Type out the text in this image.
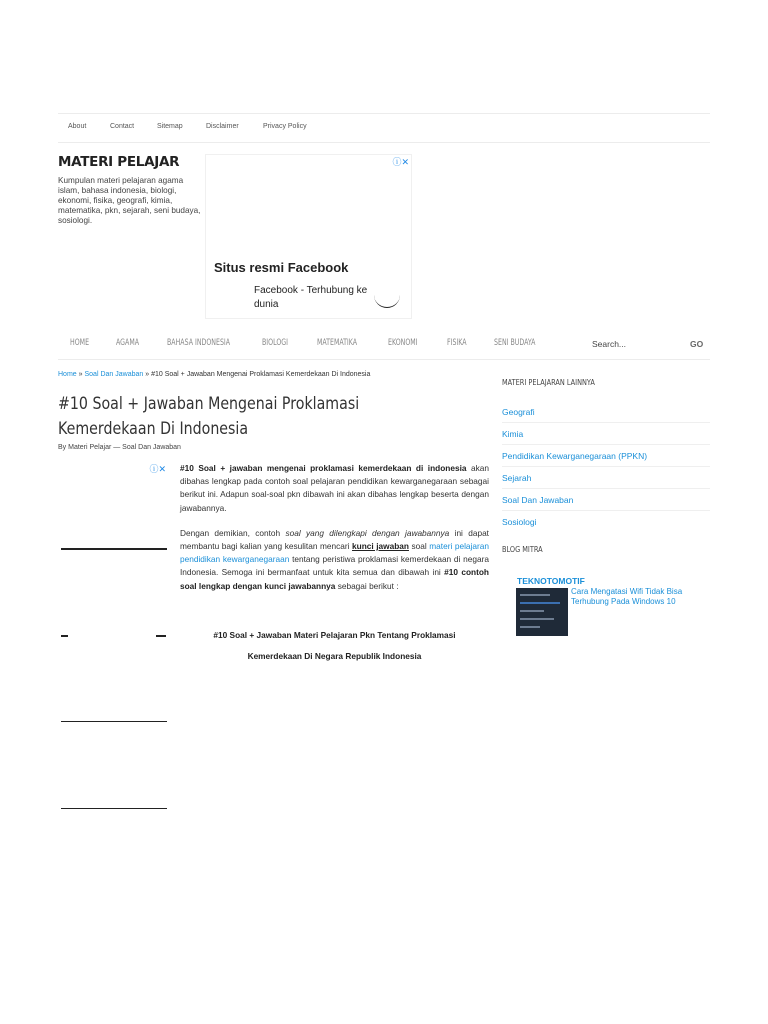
About	Contact	Sitemap	Disclaimer	Privacy Policy
MATERI PELAJAR
Kumpulan materi pelajaran agama islam, bahasa indonesia, biologi, ekonomi, fisika, geografi, kimia, matematika, pkn, sejarah, seni budaya, sosiologi.
ⓘ✕
Situs resmi Facebook
Facebook - Terhubung ke dunia
HOME	AGAMA	BAHASA INDONESIA	BIOLOGI	MATEMATIKA	EKONOMI	FISIKA	SENI BUDAYA	Search...	GO
Home » Soal Dan Jawaban » #10 Soal + Jawaban Mengenai Proklamasi Kemerdekaan Di Indonesia
#10 Soal + Jawaban Mengenai Proklamasi Kemerdekaan Di Indonesia
By Materi Pelajar — Soal Dan Jawaban
ⓘ✕ #10 Soal + jawaban mengenai proklamasi kemerdekaan di indonesia akan dibahas lengkap pada contoh soal pelajaran pendidikan kewarganegaraan sebagai berikut ini. Adapun soal-soal pkn dibawah ini akan dibahas lengkap beserta dengan jawabannya.

Dengan demikian, contoh soal yang dilengkapi dengan jawabannya ini dapat membantu bagi kalian yang kesulitan mencari kunci jawaban soal materi pelajaran pendidikan kewarganegaraan tentang peristiwa proklamasi kemerdekaan di negara Indonesia. Semoga ini bermanfaat untuk kita semua dan dibawah ini #10 contoh soal lengkap dengan kunci jawabannya sebagai berikut :

#10 Soal + Jawaban Materi Pelajaran Pkn Tentang Proklamasi
Kemerdekaan Di Negara Republik Indonesia
MATERI PELAJARAN LAINNYA
Geografi
Kimia
Pendidikan Kewarganegaraan (PPKN)
Sejarah
Soal Dan Jawaban
Sosiologi
BLOG MITRA
TEKNOTOMOTIF
Cara Mengatasi Wifi Tidak Bisa Terhubung Pada Windows 10
